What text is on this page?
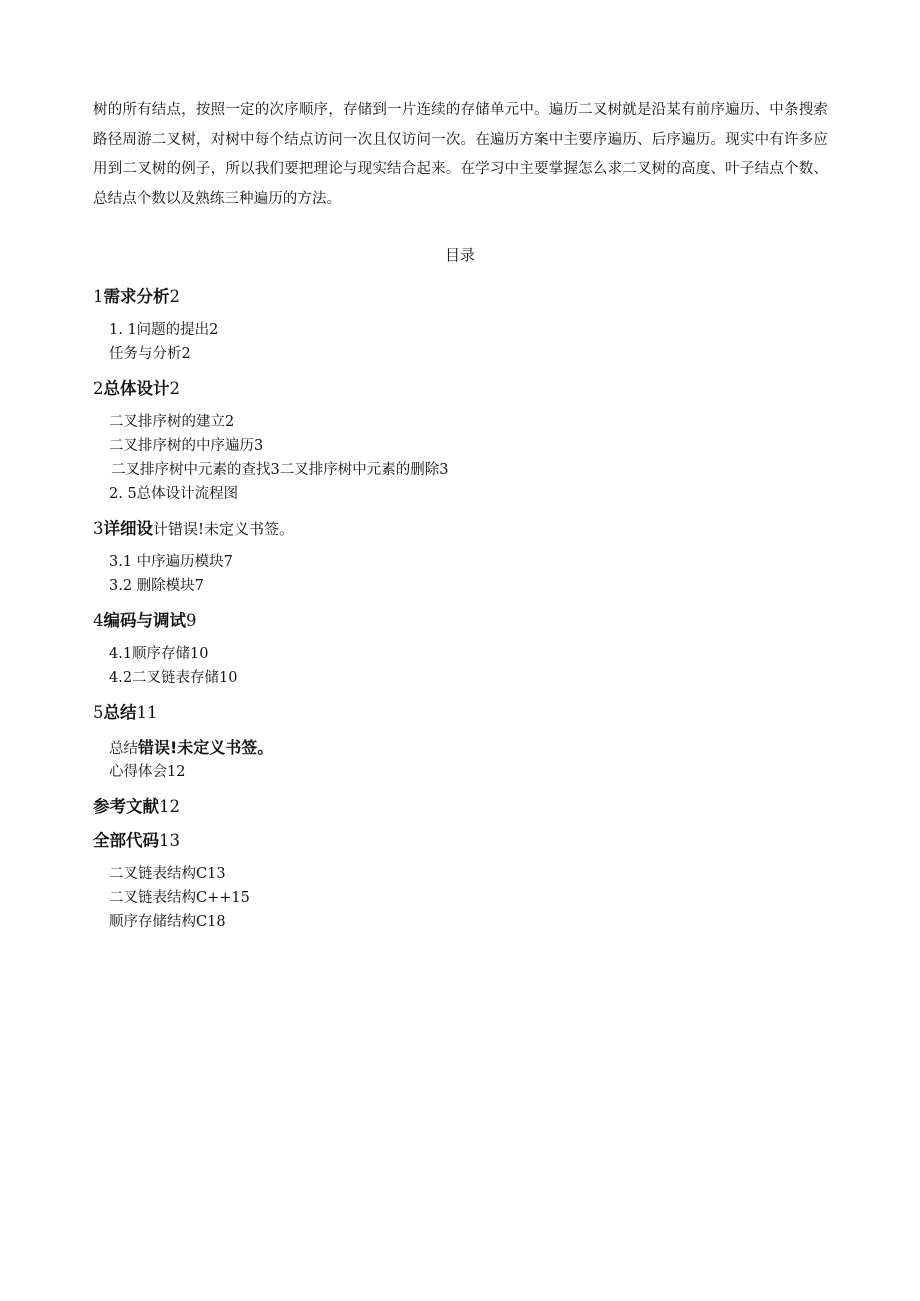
树的所有结点，按照一定的次序顺序，存储到一片连续的存储单元中。遍历二叉树就是沿某有前序遍历、中条搜索路径周游二叉树，对树中每个结点访问一次且仅访问一次。在遍历方案中主要序遍历、后序遍历。现实中有许多应用到二叉树的例子，所以我们要把理论与现实结合起来。在学习中主要掌握怎么求二叉树的高度、叶子结点个数、总结点个数以及熟练三种遍历的方法。

目录
1需求分析2
1. 1问题的提出2
任务与分析2
2总体设计2
二叉排序树的建立2
二叉排序树的中序遍历3
二叉排序树中元素的查找3二叉排序树中元素的删除3
2. 5总体设计流程图
3详细设计错误!未定义书签。
3.1 中序遍历模块7
3.2 删除模块7
4编码与调试9
4.1顺序存储10
4.2二叉链表存储10
5总结11
总结错误!未定义书签。
心得体会12
参考文献12
全部代码13
二叉链表结构C13
二叉链表结构C++15
顺序存储结构C18
